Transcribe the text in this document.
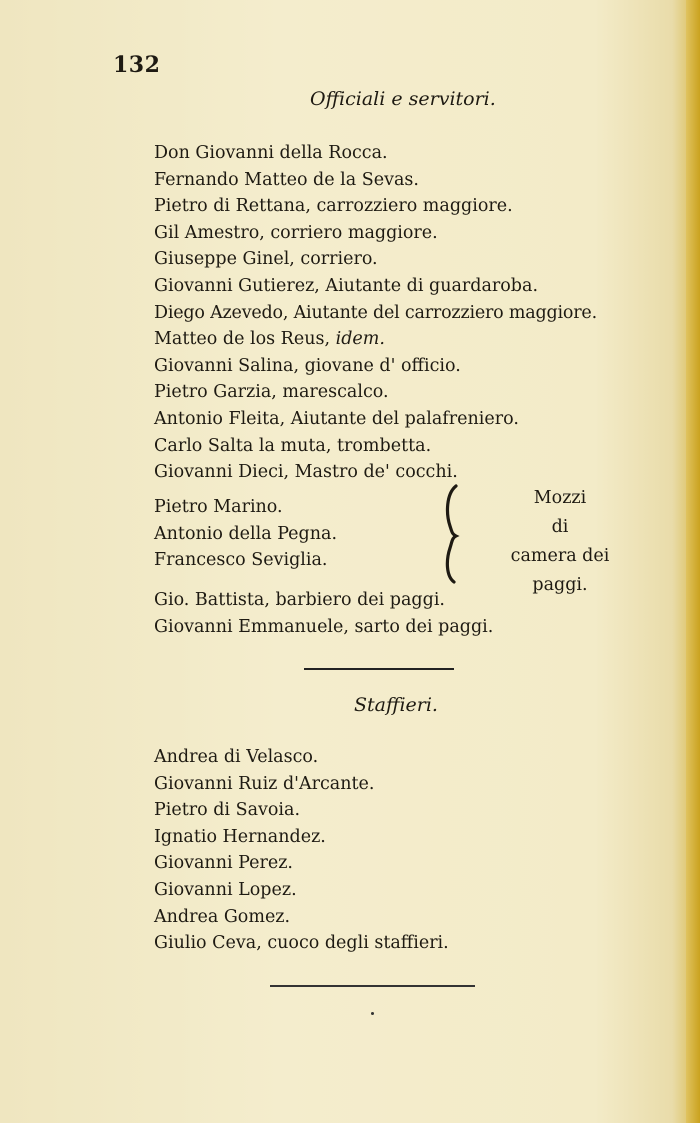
132
Officiali e servitori.
Don Giovanni della Rocca.
Fernando Matteo de la Sevas.
Pietro di Rettana, carrozziero maggiore.
Gil Amestro, corriero maggiore.
Giuseppe Ginel, corriero.
Giovanni Gutierez, Aiutante di guardaroba.
Diego Azevedo, Aiutante del carrozziero maggiore.
Matteo de los Reus, idem.
Giovanni Salina, giovane d' officio.
Pietro Garzia, marescalco.
Antonio Fleita, Aiutante del palafreniero.
Carlo Salta la muta, trombetta.
Giovanni Dieci, Mastro de' cocchi.
Pietro Marino.
Antonio della Pegna.
Francesco Seviglia.
Mozzi
di
camera dei
paggi.
Gio. Battista, barbiero dei paggi.
Giovanni Emmanuele, sarto dei paggi.
Staffieri.
Andrea di Velasco.
Giovanni Ruiz d'Arcante.
Pietro di Savoia.
Ignatio Hernandez.
Giovanni Perez.
Giovanni Lopez.
Andrea Gomez.
Giulio Ceva, cuoco degli staffieri.
